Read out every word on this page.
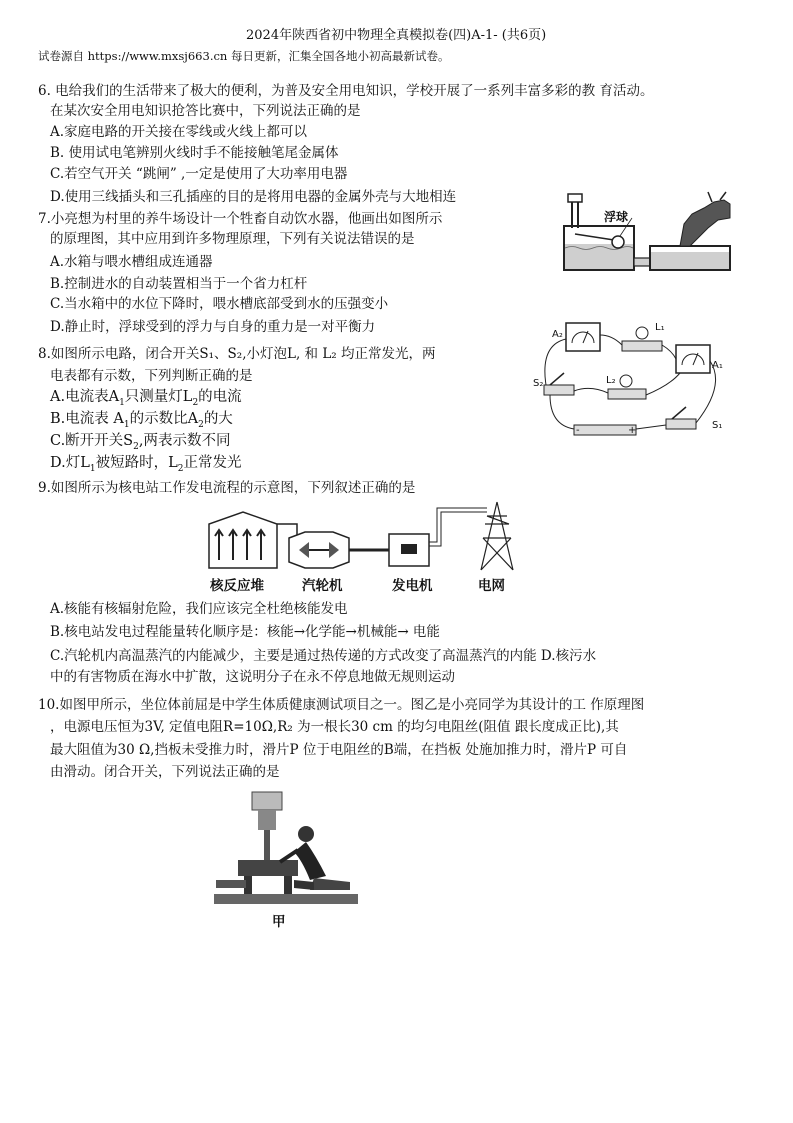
2024年陕西省初中物理全真模拟卷(四)A-1- (共6页)
试卷源自 https://www.mxsj663.cn 每日更新，汇集全国各地小初高最新试卷。
6. 电给我们的生活带来了极大的便利，为普及安全用电知识，学校开展了一系列丰富多彩的教 育活动。
在某次安全用电知识抢答比赛中，下列说法正确的是
A.家庭电路的开关接在零线或火线上都可以
B. 使用试电笔辨别火线时手不能接触笔尾金属体
C.若空气开关 “跳闸” ,一定是使用了大功率用电器
D.使用三线插头和三孔插座的目的是将用电器的金属外壳与大地相连
7.小亮想为村里的养牛场设计一个牲畜自动饮水器，他画出如图所示
的原理图，其中应用到许多物理原理，下列有关说法错误的是
A.水箱与喂水槽组成连通器
B.控制进水的自动装置相当于一个省力杠杆
C.当水箱中的水位下降时，喂水槽底部受到水的压强变小
D.静止时，浮球受到的浮力与自身的重力是一对平衡力
浮球
8.如图所示电路，闭合开关S₁、S₂,小灯泡L, 和 L₂ 均正常发光，两
电表都有示数，下列判断正确的是
A.电流表$A_1$只测量灯$L_2$的电流
B.电流表 $A_1$的示数比$A_2$的大
C.断开开关$S_2$,两表示数不同
D.灯$L_1$被短路时，$L_2$正常发光
A₂
L₁
A₁
S₂	L₂
-	+	S₁
9.如图所示为核电站工作发电流程的示意图，下列叙述正确的是
核反应堆	汽轮机	发电机	电网
A.核能有核辐射危险，我们应该完全杜绝核能发电
B.核电站发电过程能量转化顺序是：核能→化学能→机械能→ 电能
C.汽轮机内高温蒸汽的内能减少，主要是通过热传递的方式改变了高温蒸汽的内能 D.核污水
中的有害物质在海水中扩散，这说明分子在永不停息地做无规则运动
10.如图甲所示，坐位体前屈是中学生体质健康测试项目之一。图乙是小亮同学为其设计的工 作原理图
，电源电压恒为3V, 定值电阻R=10Ω,R₂ 为一根长30 cm 的均匀电阻丝(阻值 跟长度成正比),其
最大阻值为30 Ω,挡板未受推力时，滑片P 位于电阻丝的B端，在挡板 处施加推力时，滑片P 可自
由滑动。闭合开关，下列说法正确的是
甲
